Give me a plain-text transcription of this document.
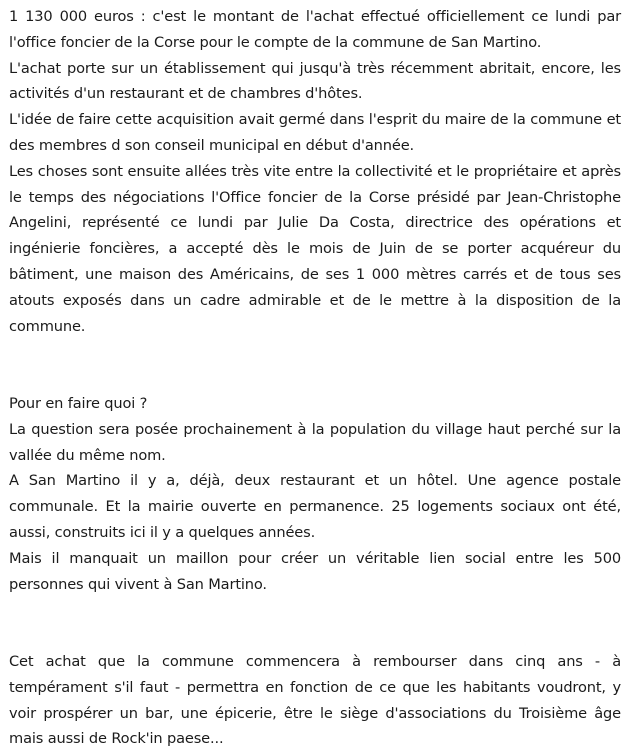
1 130 000 euros : c'est le montant de l'achat effectué officiellement ce lundi par l'office foncier de la Corse pour le compte de la commune de San Martino.

L'achat porte sur un établissement qui jusqu'à très récemment abritait, encore, les activités d'un restaurant et de chambres d'hôtes.

L'idée de faire cette acquisition avait germé dans l'esprit du maire de la commune et des membres d son conseil municipal en début d'année.

Les choses sont ensuite allées très vite entre la collectivité et le propriétaire et après le temps des négociations l'Office foncier de la Corse présidé par Jean-Christophe Angelini, représenté ce lundi par Julie Da Costa, directrice des opérations et ingénierie foncières, a accepté dès le mois de Juin de se porter acquéreur du bâtiment, une maison des Américains, de ses 1 000 mètres carrés et de tous ses atouts exposés dans un cadre admirable et de le mettre à la disposition de la commune.

Pour en faire quoi ?

La question sera posée prochainement à la population du village haut perché sur la vallée du même nom.

A San Martino il y a, déjà, deux restaurant et un hôtel. Une agence postale communale. Et la mairie ouverte en permanence. 25 logements sociaux ont été, aussi, construits ici il y a quelques années.

Mais il manquait un maillon pour créer un véritable lien social entre les 500 personnes qui vivent à San Martino.

Cet achat que la commune commencera à rembourser dans cinq ans - à tempérament s'il faut - permettra en fonction de ce que les habitants voudront, y voir prospérer un bar, une épicerie, être le siège d'associations du Troisième âge mais aussi de Rock'in paese...
